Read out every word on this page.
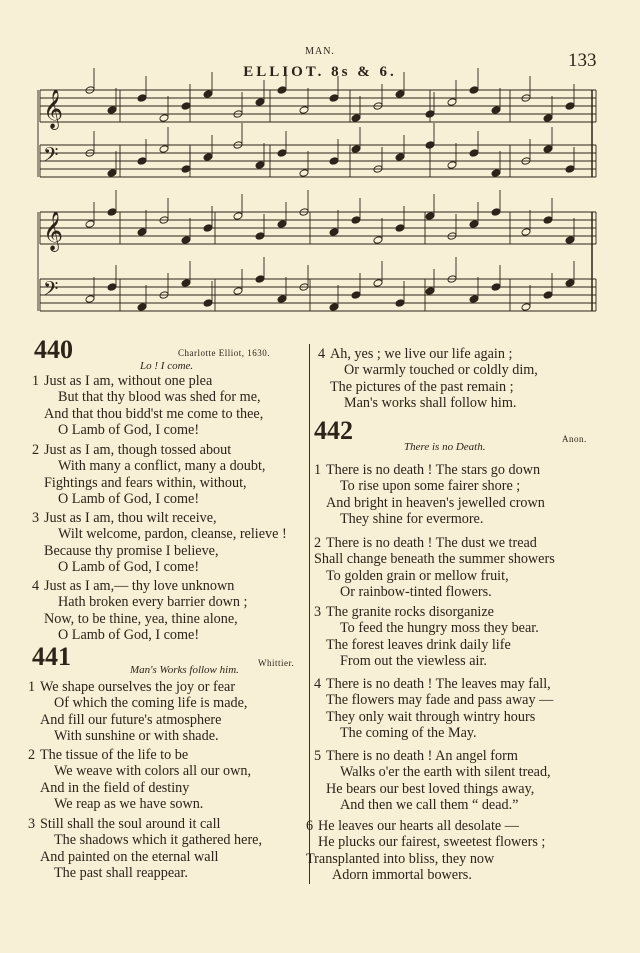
MAN.	133
ELLIOT. 8s & 6.
𝄞
𝄢
𝄞
𝄢
440	Charlotte Elliot, 1630.
Lo ! I come.
1 Just as I am, without one plea
But that thy blood was shed for me,
And that thou bidd'st me come to thee,
O Lamb of God, I come!
2 Just as I am, though tossed about
With many a conflict, many a doubt,
Fightings and fears within, without,
O Lamb of God, I come!
3 Just as I am, thou wilt receive,
Wilt welcome, pardon, cleanse, relieve !
Because thy promise I believe,
O Lamb of God, I come!
4 Just as I am,— thy love unknown
Hath broken every barrier down ;
Now, to be thine, yea, thine alone,
O Lamb of God, I come!
441	Whittier.
Man's Works follow him.
1 We shape ourselves the joy or fear
Of which the coming life is made,
And fill our future's atmosphere
With sunshine or with shade.
2 The tissue of the life to be
We weave with colors all our own,
And in the field of destiny
We reap as we have sown.
3 Still shall the soul around it call
The shadows which it gathered here,
And painted on the eternal wall
The past shall reappear.
4 Ah, yes ; we live our life again ;
Or warmly touched or coldly dim,
The pictures of the past remain ;
Man's works shall follow him.
442	Anon.
There is no Death.
1 There is no death ! The stars go down
To rise upon some fairer shore ;
And bright in heaven's jewelled crown
They shine for evermore.
2 There is no death ! The dust we tread
Shall change beneath the summer showers
To golden grain or mellow fruit,
Or rainbow-tinted flowers.
3 The granite rocks disorganize
To feed the hungry moss they bear.
The forest leaves drink daily life
From out the viewless air.
4 There is no death ! The leaves may fall,
The flowers may fade and pass away —
They only wait through wintry hours
The coming of the May.
5 There is no death ! An angel form
Walks o'er the earth with silent tread,
He bears our best loved things away,
And then we call them “ dead.”
6 He leaves our hearts all desolate —
He plucks our fairest, sweetest flowers ;
Transplanted into bliss, they now
Adorn immortal bowers.
